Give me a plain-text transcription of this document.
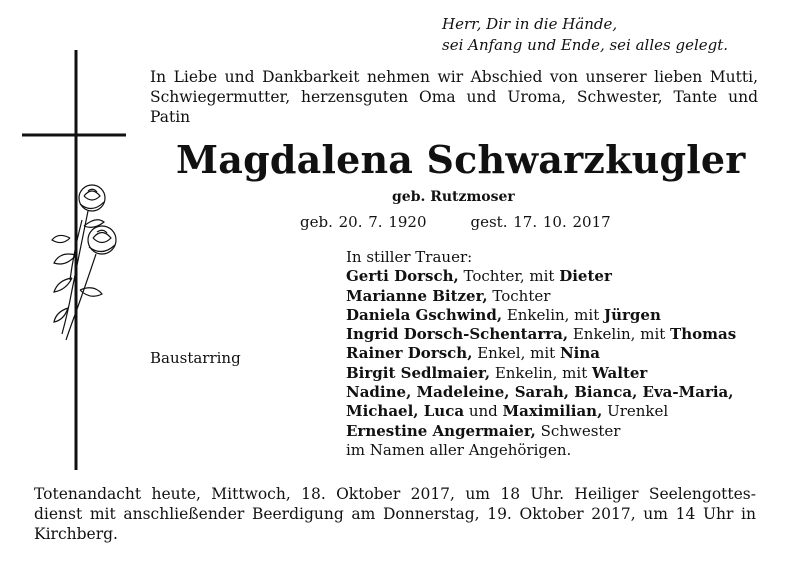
Herr, Dir in die Hände,
sei Anfang und Ende, sei alles gelegt.
In Liebe und Dankbarkeit nehmen wir Abschied von unserer lieben Mutti, Schwiegermutter, herzensguten Oma und Uroma, Schwester, Tante und Patin
Magdalena Schwarzkugler
geb. Rutzmoser
geb. 20. 7. 1920	gest. 17. 10. 2017
Baustarring
In stiller Trauer:
Gerti Dorsch, Tochter, mit Dieter
Marianne Bitzer, Tochter
Daniela Gschwind, Enkelin, mit Jürgen
Ingrid Dorsch-Schentarra, Enkelin, mit Thomas
Rainer Dorsch, Enkel, mit Nina
Birgit Sedlmaier, Enkelin, mit Walter
Nadine, Madeleine, Sarah, Bianca, Eva-Maria,
Michael, Luca und Maximilian, Urenkel
Ernestine Angermaier, Schwester
im Namen aller Angehörigen.
Totenandacht heute, Mittwoch, 18. Oktober 2017, um 18 Uhr. Heiliger Seelengottes-
dienst mit anschließender Beerdigung am Donnerstag, 19. Oktober 2017, um 14 Uhr in
Kirchberg.
